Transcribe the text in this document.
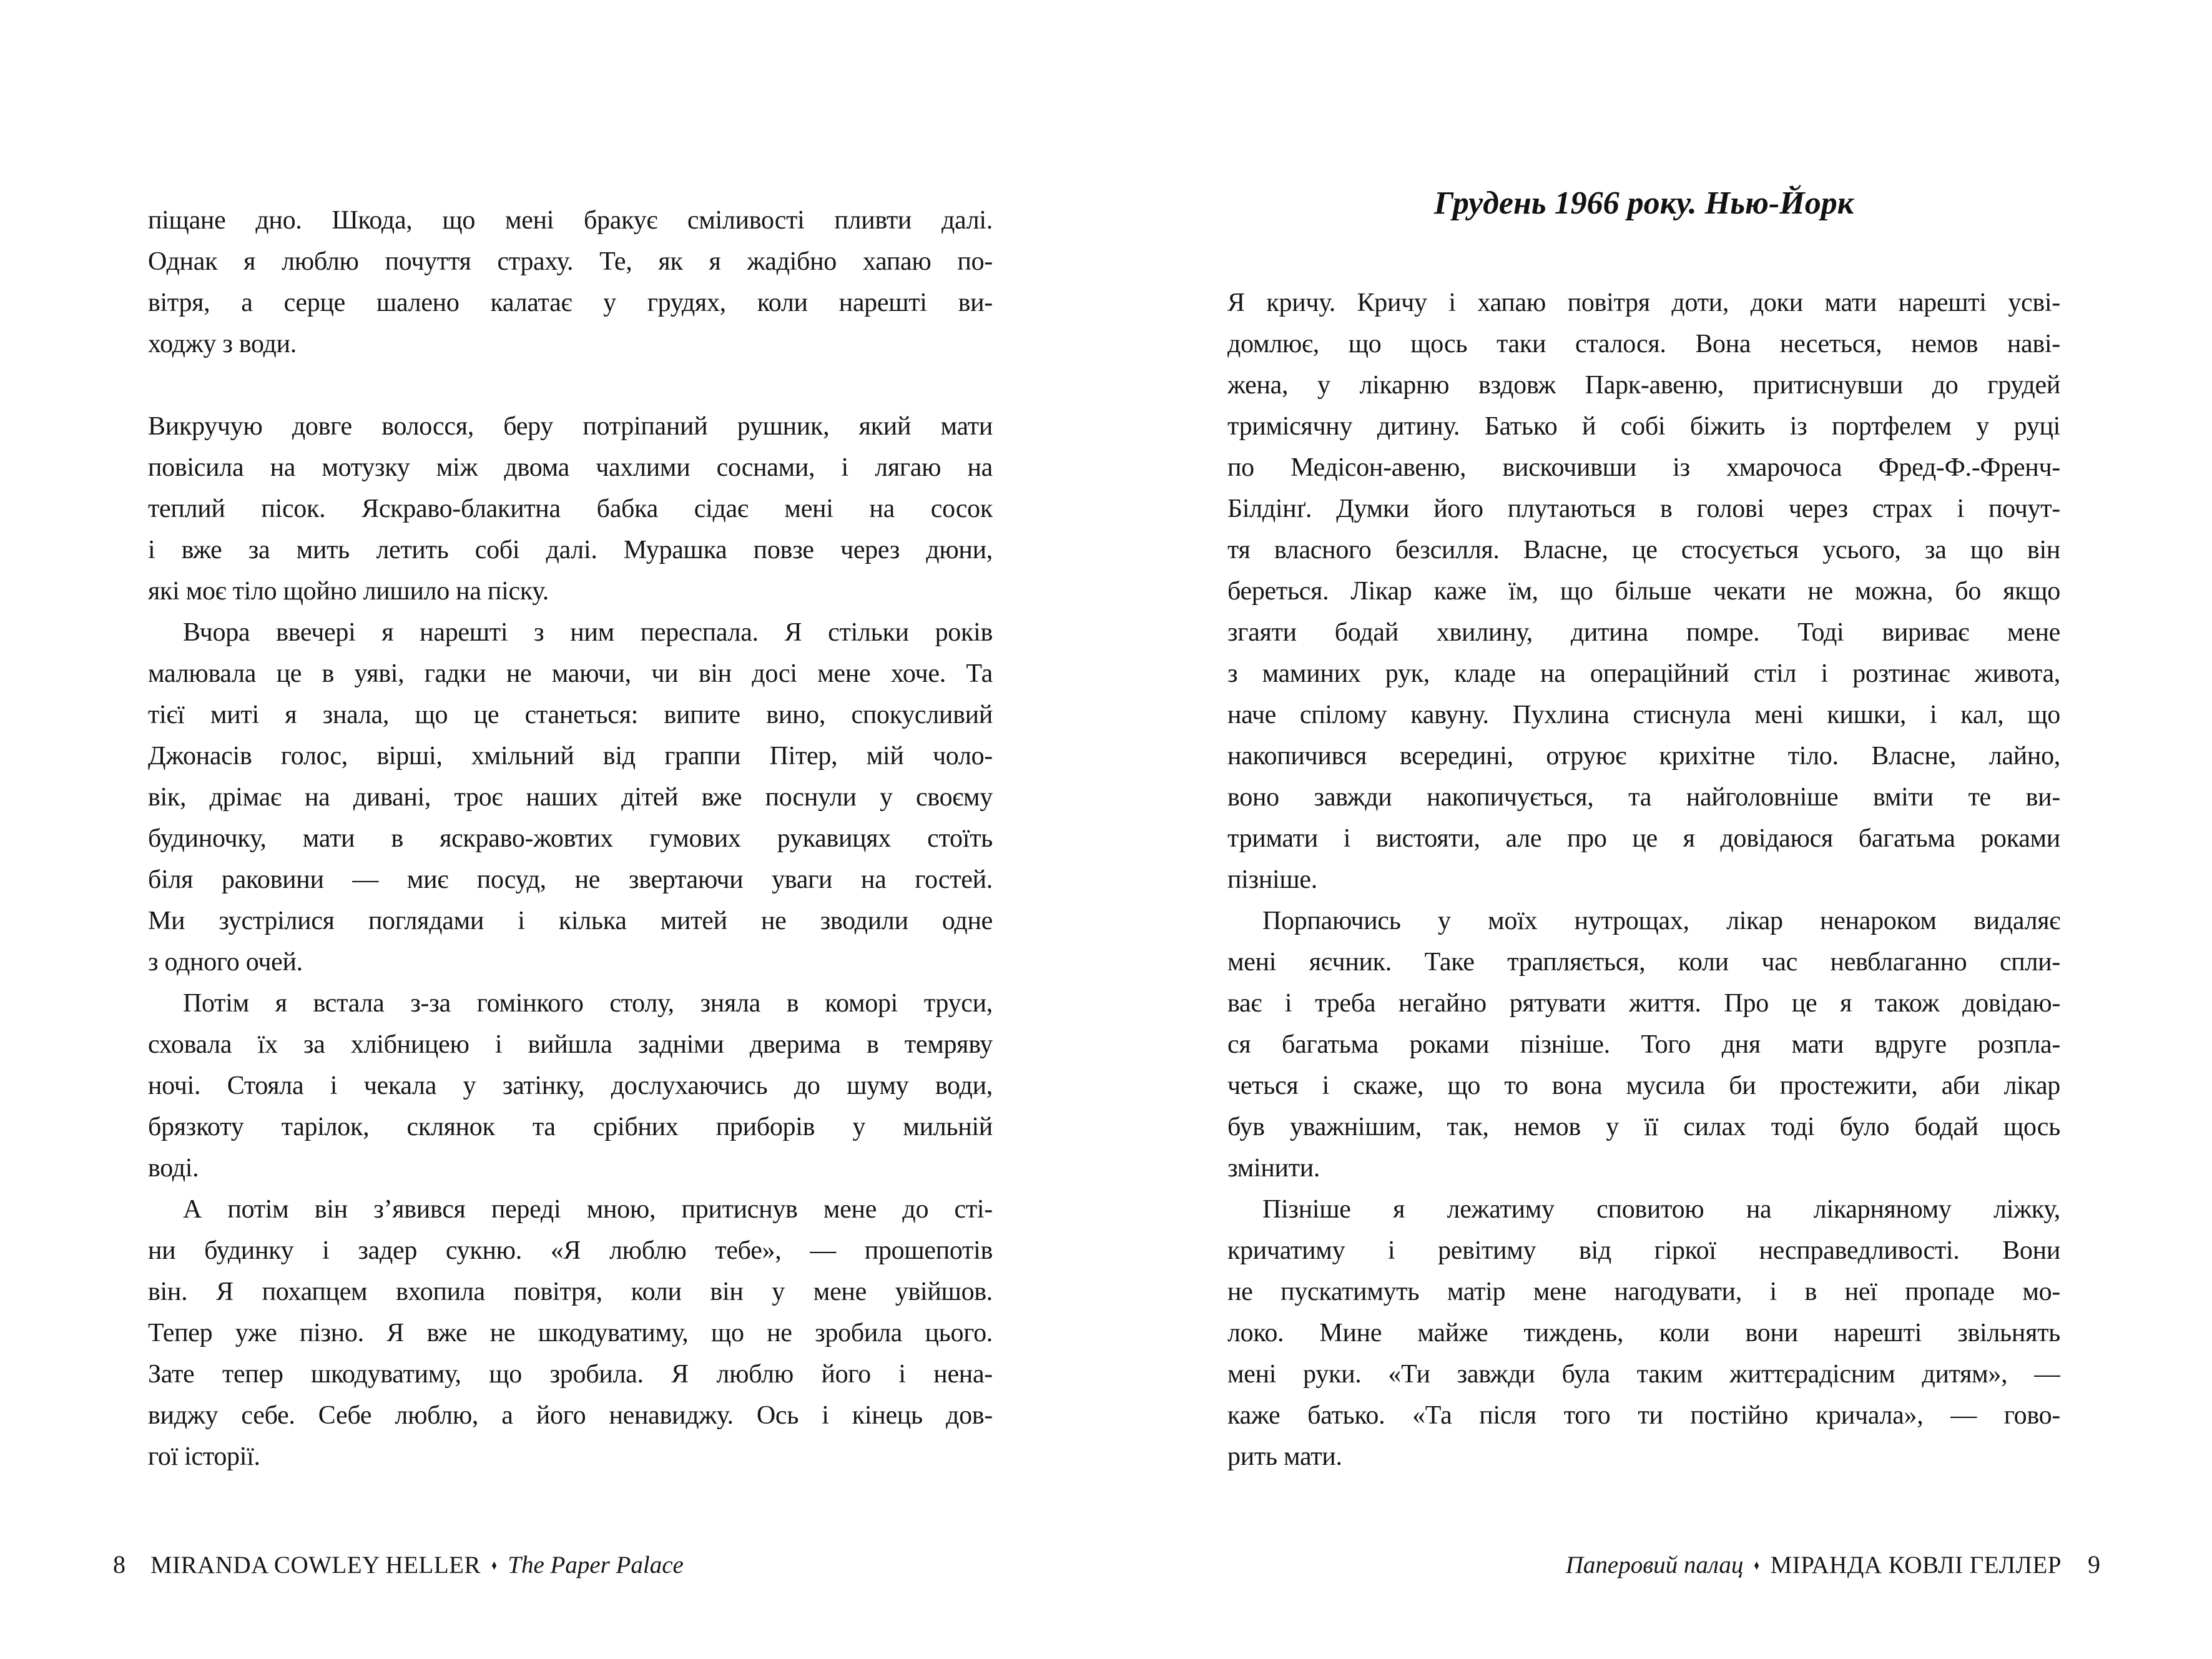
піщане дно. Шкода, що мені бракує сміливості пливти далі.
Однак я люблю почуття страху. Те, як я жадібно хапаю по-
вітря, а серце шалено калатає у грудях, коли нарешті ви-
ходжу з води.
Викручую довге волосся, беру потріпаний рушник, який мати
повісила на мотузку між двома чахлими соснами, і лягаю на
теплий пісок. Яскраво-блакитна бабка сідає мені на сосок
і вже за мить летить собі далі. Мурашка повзе через дюни,
які моє тіло щойно лишило на піску.
Вчора ввечері я нарешті з ним переспала. Я стільки років
малювала це в уяві, гадки не маючи, чи він досі мене хоче. Та
тієї миті я знала, що це станеться: випите вино, спокусливий
Джонасів голос, вірші, хмільний від граппи Пітер, мій чоло-
вік, дрімає на дивані, троє наших дітей вже поснули у своєму
будиночку, мати в яскраво-жовтих гумових рукавицях стоїть
біля раковини — миє посуд, не звертаючи уваги на гостей.
Ми зустрілися поглядами і кілька митей не зводили одне
з одного очей.
Потім я встала з-за гомінкого столу, зняла в коморі труси,
сховала їх за хлібницею і вийшла задніми дверима в темряву
ночі. Стояла і чекала у затінку, дослухаючись до шуму води,
брязкоту тарілок, склянок та срібних приборів у мильній
воді.
А потім він з’явився переді мною, притиснув мене до сті-
ни будинку і задер сукню. «Я люблю тебе», — прошепотів
він. Я похапцем вхопила повітря, коли він у мене увійшов.
Тепер уже пізно. Я вже не шкодуватиму, що не зробила цього.
Зате тепер шкодуватиму, що зробила. Я люблю його і нена-
виджу себе. Себе люблю, а його ненавиджу. Ось і кінець дов-
гої історії.
Грудень 1966 року. Нью-Йорк
Я кричу. Кричу і хапаю повітря доти, доки мати нарешті усві-
домлює, що щось таки сталося. Вона несеться, немов наві-
жена, у лікарню вздовж Парк-авеню, притиснувши до грудей
тримісячну дитину. Батько й собі біжить із портфелем у руці
по Медісон-авеню, вискочивши із хмарочоса Фред-Ф.-Френч-
Білдінґ. Думки його плутаються в голові через страх і почут-
тя власного безсилля. Власне, це стосується усього, за що він
береться. Лікар каже їм, що більше чекати не можна, бо якщо
згаяти бодай хвилину, дитина помре. Тоді вириває мене
з маминих рук, кладе на операційний стіл і розтинає живота,
наче спілому кавуну. Пухлина стиснула мені кишки, і кал, що
накопичився всередині, отруює крихітне тіло. Власне, лайно,
воно завжди накопичується, та найголовніше вміти те ви-
тримати і вистояти, але про це я довідаюся багатьма роками
пізніше.
Порпаючись у моїх нутрощах, лікар ненароком видаляє
мені яєчник. Таке трапляється, коли час невблаганно спли-
ває і треба негайно рятувати життя. Про це я також довідаю-
ся багатьма роками пізніше. Того дня мати вдруге розпла-
четься і скаже, що то вона мусила би простежити, аби лікар
був уважнішим, так, немов у її силах тоді було бодай щось
змінити.
Пізніше я лежатиму сповитою на лікарняному ліжку,
кричатиму і ревітиму від гіркої несправедливості. Вони
не пускатимуть матір мене нагодувати, і в неї пропаде мо-
локо. Мине майже тиждень, коли вони нарешті звільнять
мені руки. «Ти завжди була таким життєрадісним дитям», —
каже батько. «Та після того ти постійно кричала», — гово-
рить мати.
8 MIRANDA COWLEY HELLER ♦ The Paper Palace	Паперовий палац ♦ МІРАНДА КОВЛІ ГЕЛЛЕР 9
